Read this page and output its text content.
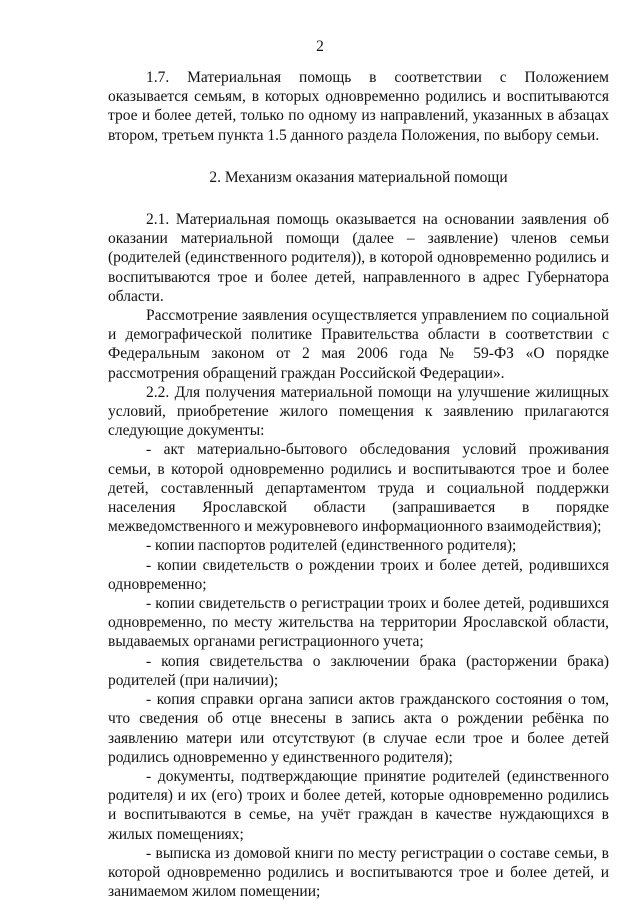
2

1.7. Материальная помощь в соответствии с Положением оказывается семьям, в которых одновременно родились и воспитываются трое и более детей, только по одному из направлений, указанных в абзацах втором, третьем пункта 1.5 данного раздела Положения, по выбору семьи.

2. Механизм оказания материальной помощи

2.1. Материальная помощь оказывается на основании заявления об оказании материальной помощи (далее – заявление) членов семьи (родителей (единственного родителя)), в которой одновременно родились и воспитываются трое и более детей, направленного в адрес Губернатора области.

Рассмотрение заявления осуществляется управлением по социальной и демографической политике Правительства области в соответствии с Федеральным законом от 2 мая 2006 года № 59-ФЗ «О порядке рассмотрения обращений граждан Российской Федерации».

2.2. Для получения материальной помощи на улучшение жилищных условий, приобретение жилого помещения к заявлению прилагаются следующие документы:

- акт материально-бытового обследования условий проживания семьи, в которой одновременно родились и воспитываются трое и более детей, составленный департаментом труда и социальной поддержки населения Ярославской области (запрашивается в порядке межведомственного и межуровневого информационного взаимодействия);

- копии паспортов родителей (единственного родителя);

- копии свидетельств о рождении троих и более детей, родившихся одновременно;

- копии свидетельств о регистрации троих и более детей, родившихся одновременно, по месту жительства на территории Ярославской области, выдаваемых органами регистрационного учета;

- копия свидетельства о заключении брака (расторжении брака) родителей (при наличии);

- копия справки органа записи актов гражданского состояния о том, что сведения об отце внесены в запись акта о рождении ребёнка по заявлению матери или отсутствуют (в случае если трое и более детей родились одновременно у единственного родителя);

- документы, подтверждающие принятие родителей (единственного родителя) и их (его) троих и более детей, которые одновременно родились и воспитываются в семье, на учёт граждан в качестве нуждающихся в жилых помещениях;

- выписка из домовой книги по месту регистрации о составе семьи, в которой одновременно родились и воспитываются трое и более детей, и занимаемом жилом помещении;
